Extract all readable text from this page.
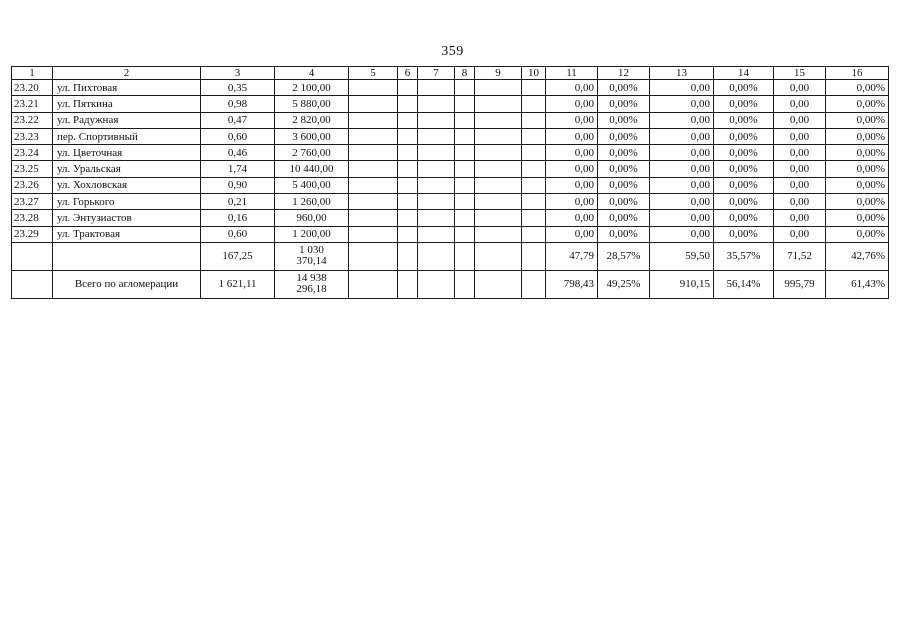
359
1	2	3	4	5	6	7	8	9	10	11	12	13	14	15	16
23.20	ул. Пихтовая	0,35	2 100,00							0,00	0,00%	0,00	0,00%	0,00	0,00%
23.21	ул. Пяткина	0,98	5 880,00							0,00	0,00%	0,00	0,00%	0,00	0,00%
23.22	ул. Радужная	0,47	2 820,00							0,00	0,00%	0,00	0,00%	0,00	0,00%
23.23	пер. Спортивный	0,60	3 600,00							0,00	0,00%	0,00	0,00%	0,00	0,00%
23.24	ул. Цветочная	0,46	2 760,00							0,00	0,00%	0,00	0,00%	0,00	0,00%
23.25	ул. Уральская	1,74	10 440,00							0,00	0,00%	0,00	0,00%	0,00	0,00%
23.26	ул. Хохловская	0,90	5 400,00							0,00	0,00%	0,00	0,00%	0,00	0,00%
23.27	ул. Горького	0,21	1 260,00							0,00	0,00%	0,00	0,00%	0,00	0,00%
23.28	ул. Энтузиастов	0,16	960,00							0,00	0,00%	0,00	0,00%	0,00	0,00%
23.29	ул. Трактовая	0,60	1 200,00							0,00	0,00%	0,00	0,00%	0,00	0,00%
		167,25	1 030
370,14							47,79	28,57%	59,50	35,57%	71,52	42,76%
	Всего по агломерации	1 621,11	14 938
296,18							798,43	49,25%	910,15	56,14%	995,79	61,43%
